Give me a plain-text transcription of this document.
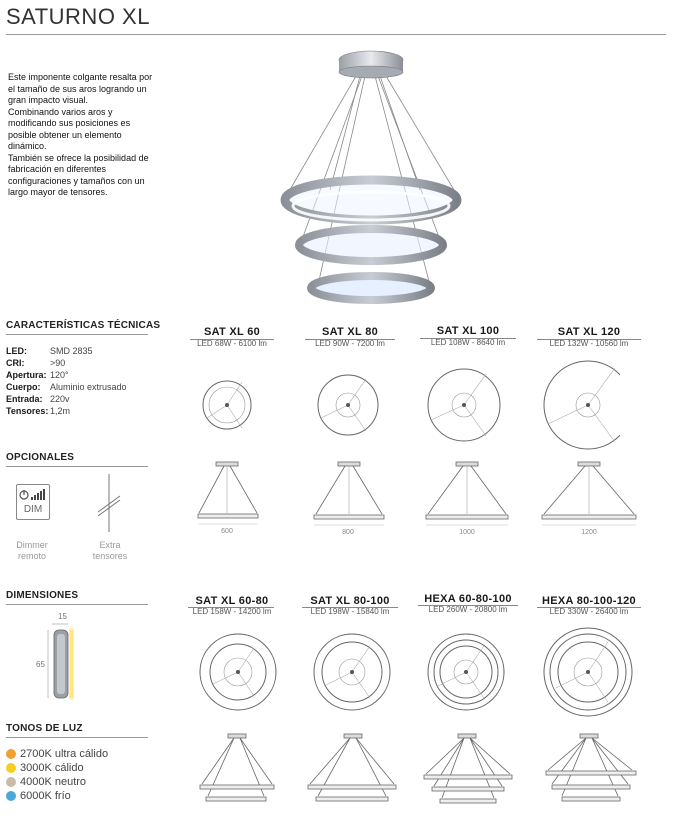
SATURNO XL

Este imponente colgante resalta por el tamaño de sus aros logrando un gran impacto visual.

Combinando varios aros y modificando sus posiciones es posible obtener un elemento dinámico.

También se ofrece la posibilidad de fabricación en diferentes configuraciones y tamaños con un largo mayor de tensores.

CARACTERÍSTICAS TÉCNICAS
LED:	SMD 2835
CRI:	>90
Apertura: 120°
Cuerpo:	Aluminio extrusado
Entrada: 220v
Tensores: 1,2m
OPCIONALES
DIM
Dimmer
remoto
Extra
tensores
DIMENSIONES
15
65
TONOS DE LUZ
2700K ultra cálido
3000K cálido
4000K neutro
6000K frío
SAT XL 60
LED 68W - 6100 lm
SAT XL 80
LED 90W - 7200 lm
SAT XL 100
LED 108W - 8640 lm
SAT XL 120
LED 132W - 10560 lm
600	800	1000	1200
SAT XL 60-80
LED 158W - 14200 lm
SAT XL 80-100
LED 198W - 15840 lm
HEXA 60-80-100
LED 260W - 20800 lm
HEXA 80-100-120
LED 330W - 26400 lm
